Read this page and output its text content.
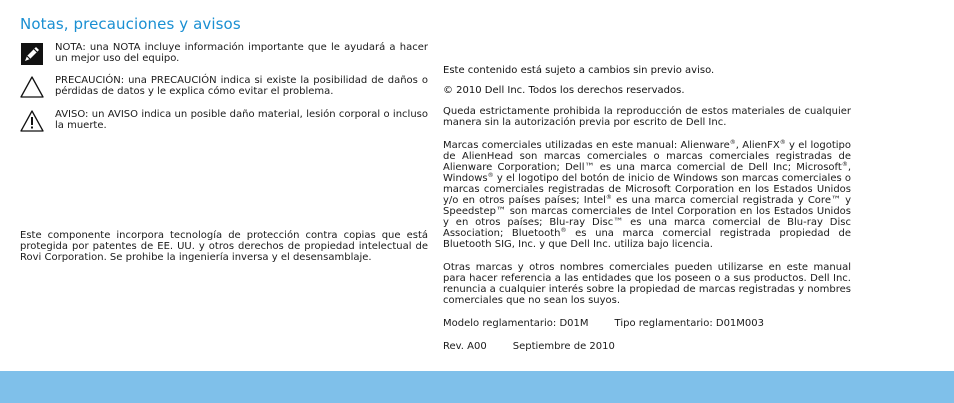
Notas, precauciones y avisos
NOTA: una NOTA incluye información importante que le ayudará a hacer un mejor uso del equipo.
PRECAUCIÓN: una PRECAUCIÓN indica si existe la posibilidad de daños o pérdidas de datos y le explica cómo evitar el problema.
AVISO: un AVISO indica un posible daño material, lesión corporal o incluso la muerte.

Este componente incorpora tecnología de protección contra copias que está protegida por patentes de EE. UU. y otros derechos de propiedad intelectual de Rovi Corporation. Se prohibe la ingeniería inversa y el desensamblaje.

Este contenido está sujeto a cambios sin previo aviso.

© 2010 Dell Inc. Todos los derechos reservados.

Queda estrictamente prohibida la reproducción de estos materiales de cualquier manera sin la autorización previa por escrito de Dell Inc.

Marcas comerciales utilizadas en este manual: Alienware®, AlienFX® y el logotipo de AlienHead son marcas comerciales o marcas comerciales registradas de Alienware Corporation; Dell™ es una marca comercial de Dell Inc; Microsoft®, Windows® y el logotipo del botón de inicio de Windows son marcas comerciales o marcas comerciales registradas de Microsoft Corporation en los Estados Unidos y/o en otros países países; Intel® es una marca comercial registrada y Core™ y Speedstep™ son marcas comerciales de Intel Corporation en los Estados Unidos y en otros países; Blu-ray Disc™ es una marca comercial de Blu-ray Disc Association; Bluetooth® es una marca comercial registrada propiedad de Bluetooth SIG, Inc. y que Dell Inc. utiliza bajo licencia.

Otras marcas y otros nombres comerciales pueden utilizarse en este manual para hacer referencia a las entidades que los poseen o a sus productos. Dell Inc. renuncia a cualquier interés sobre la propiedad de marcas registradas y nombres comerciales que no sean los suyos.

Modelo reglamentario: D01M	Tipo reglamentario: D01M003
Rev. A00	Septiembre de 2010
